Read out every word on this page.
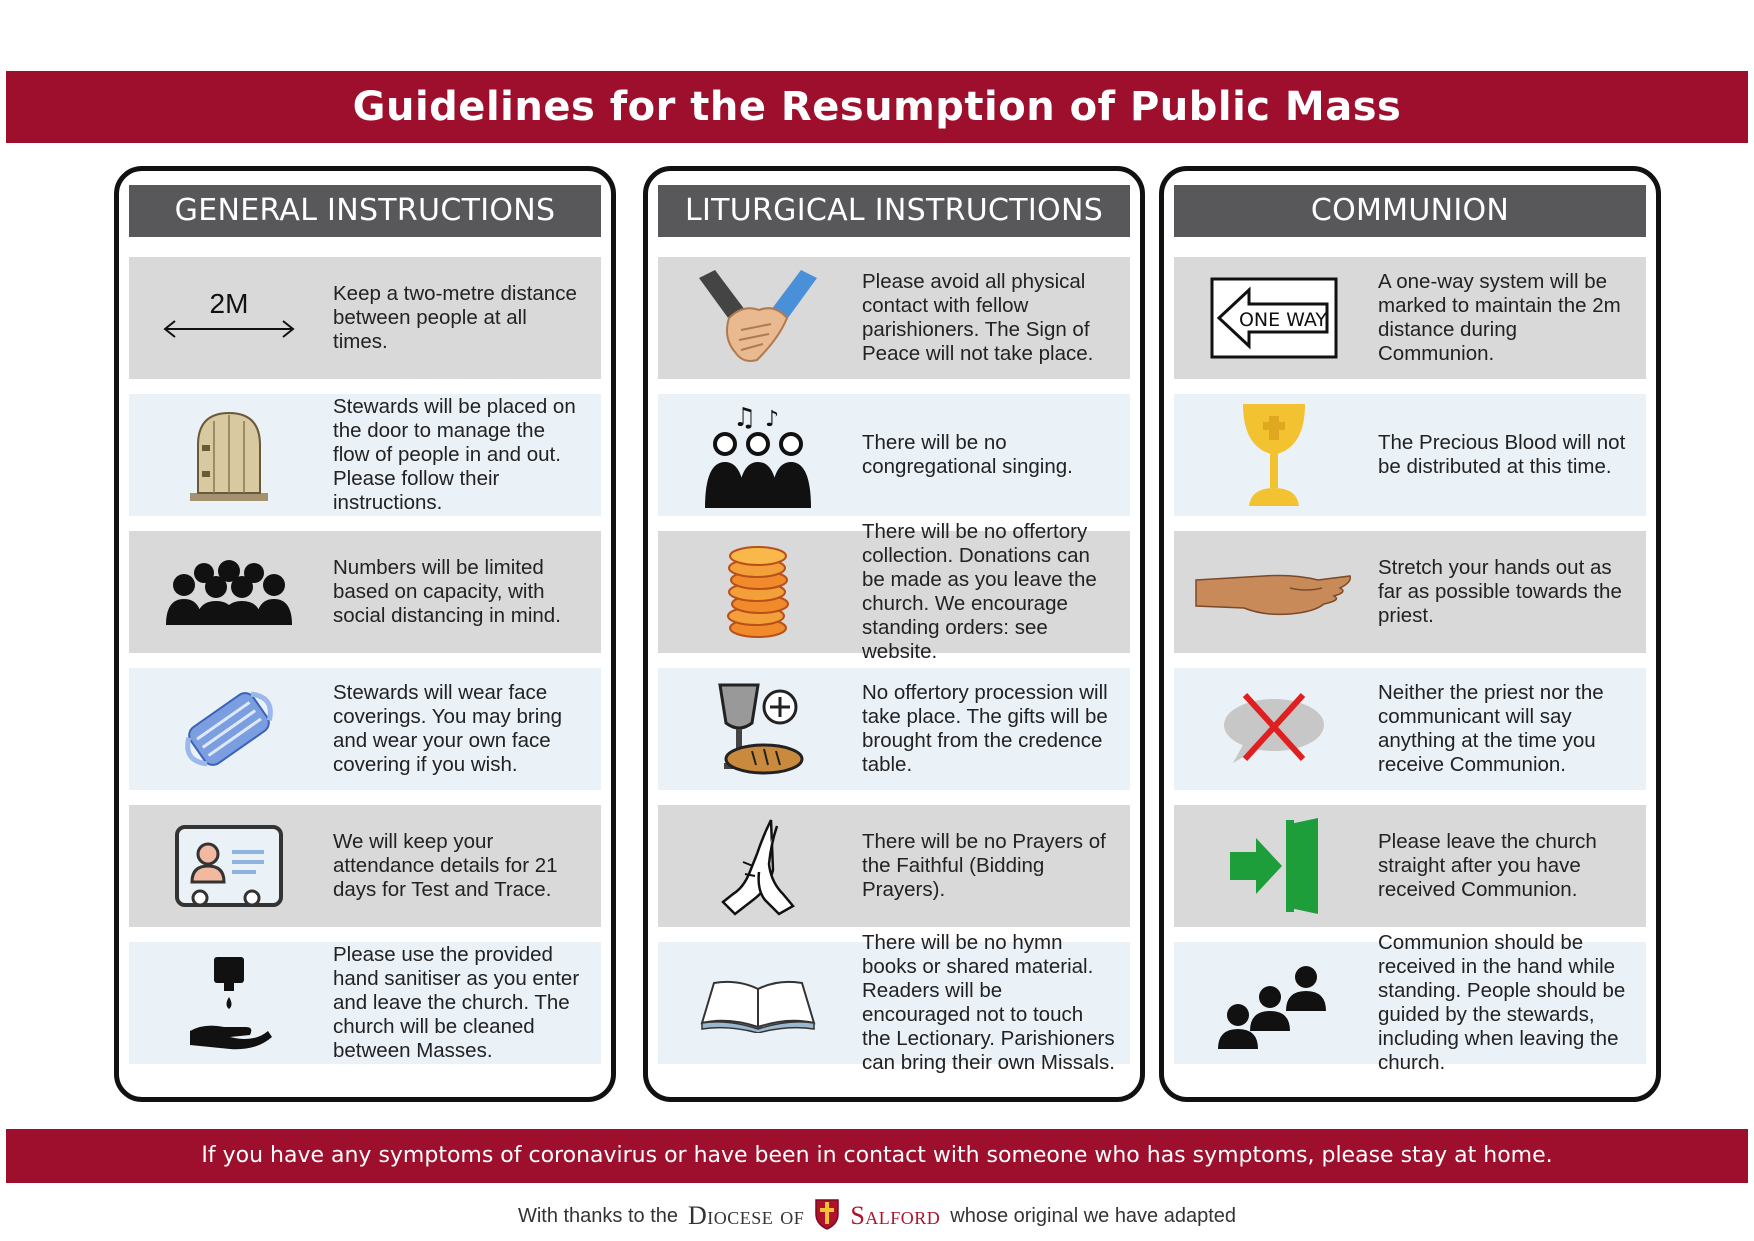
Guidelines for the Resumption of Public Mass
GENERAL INSTRUCTIONS
2M	Keep a two-metre distance between people at all times.
Stewards will be placed on the door to manage the flow of people in and out. Please follow their instructions.
Numbers will be limited based on capacity, with social distancing in mind.
Stewards will wear face coverings. You may bring and wear your own face covering if you wish.
We will keep your attendance details for 21 days for Test and Trace.
Please use the provided hand sanitiser as you enter and leave the church. The church will be cleaned between Masses.
LITURGICAL INSTRUCTIONS
Please avoid all physical contact with fellow parishioners. The Sign of Peace will not take place.
♫ ♪
There will be no congregational singing.
There will be no offertory collection. Donations can be made as you leave the church. We encourage standing orders: see website.
No offertory procession will take place. The gifts will be brought from the credence table.
There will be no Prayers of the Faithful (Bidding Prayers).
There will be no hymn books or shared material. Readers will be encouraged not to touch the Lectionary. Parishioners can bring their own Missals.
COMMUNION
ONE WAY
A one-way system will be marked to maintain the 2m distance during Communion.
The Precious Blood will not be distributed at this time.
Stretch your hands out as far as possible towards the priest.
Neither the priest nor the communicant will say anything at the time you receive Communion.
Please leave the church straight after you have received Communion.
Communion should be received in the hand while standing. People should be guided by the stewards, including when leaving the church.
If you have any symptoms of coronavirus or have been in contact with someone who has symptoms, please stay at home.
With thanks to the Diocese of Salford whose original we have adapted
